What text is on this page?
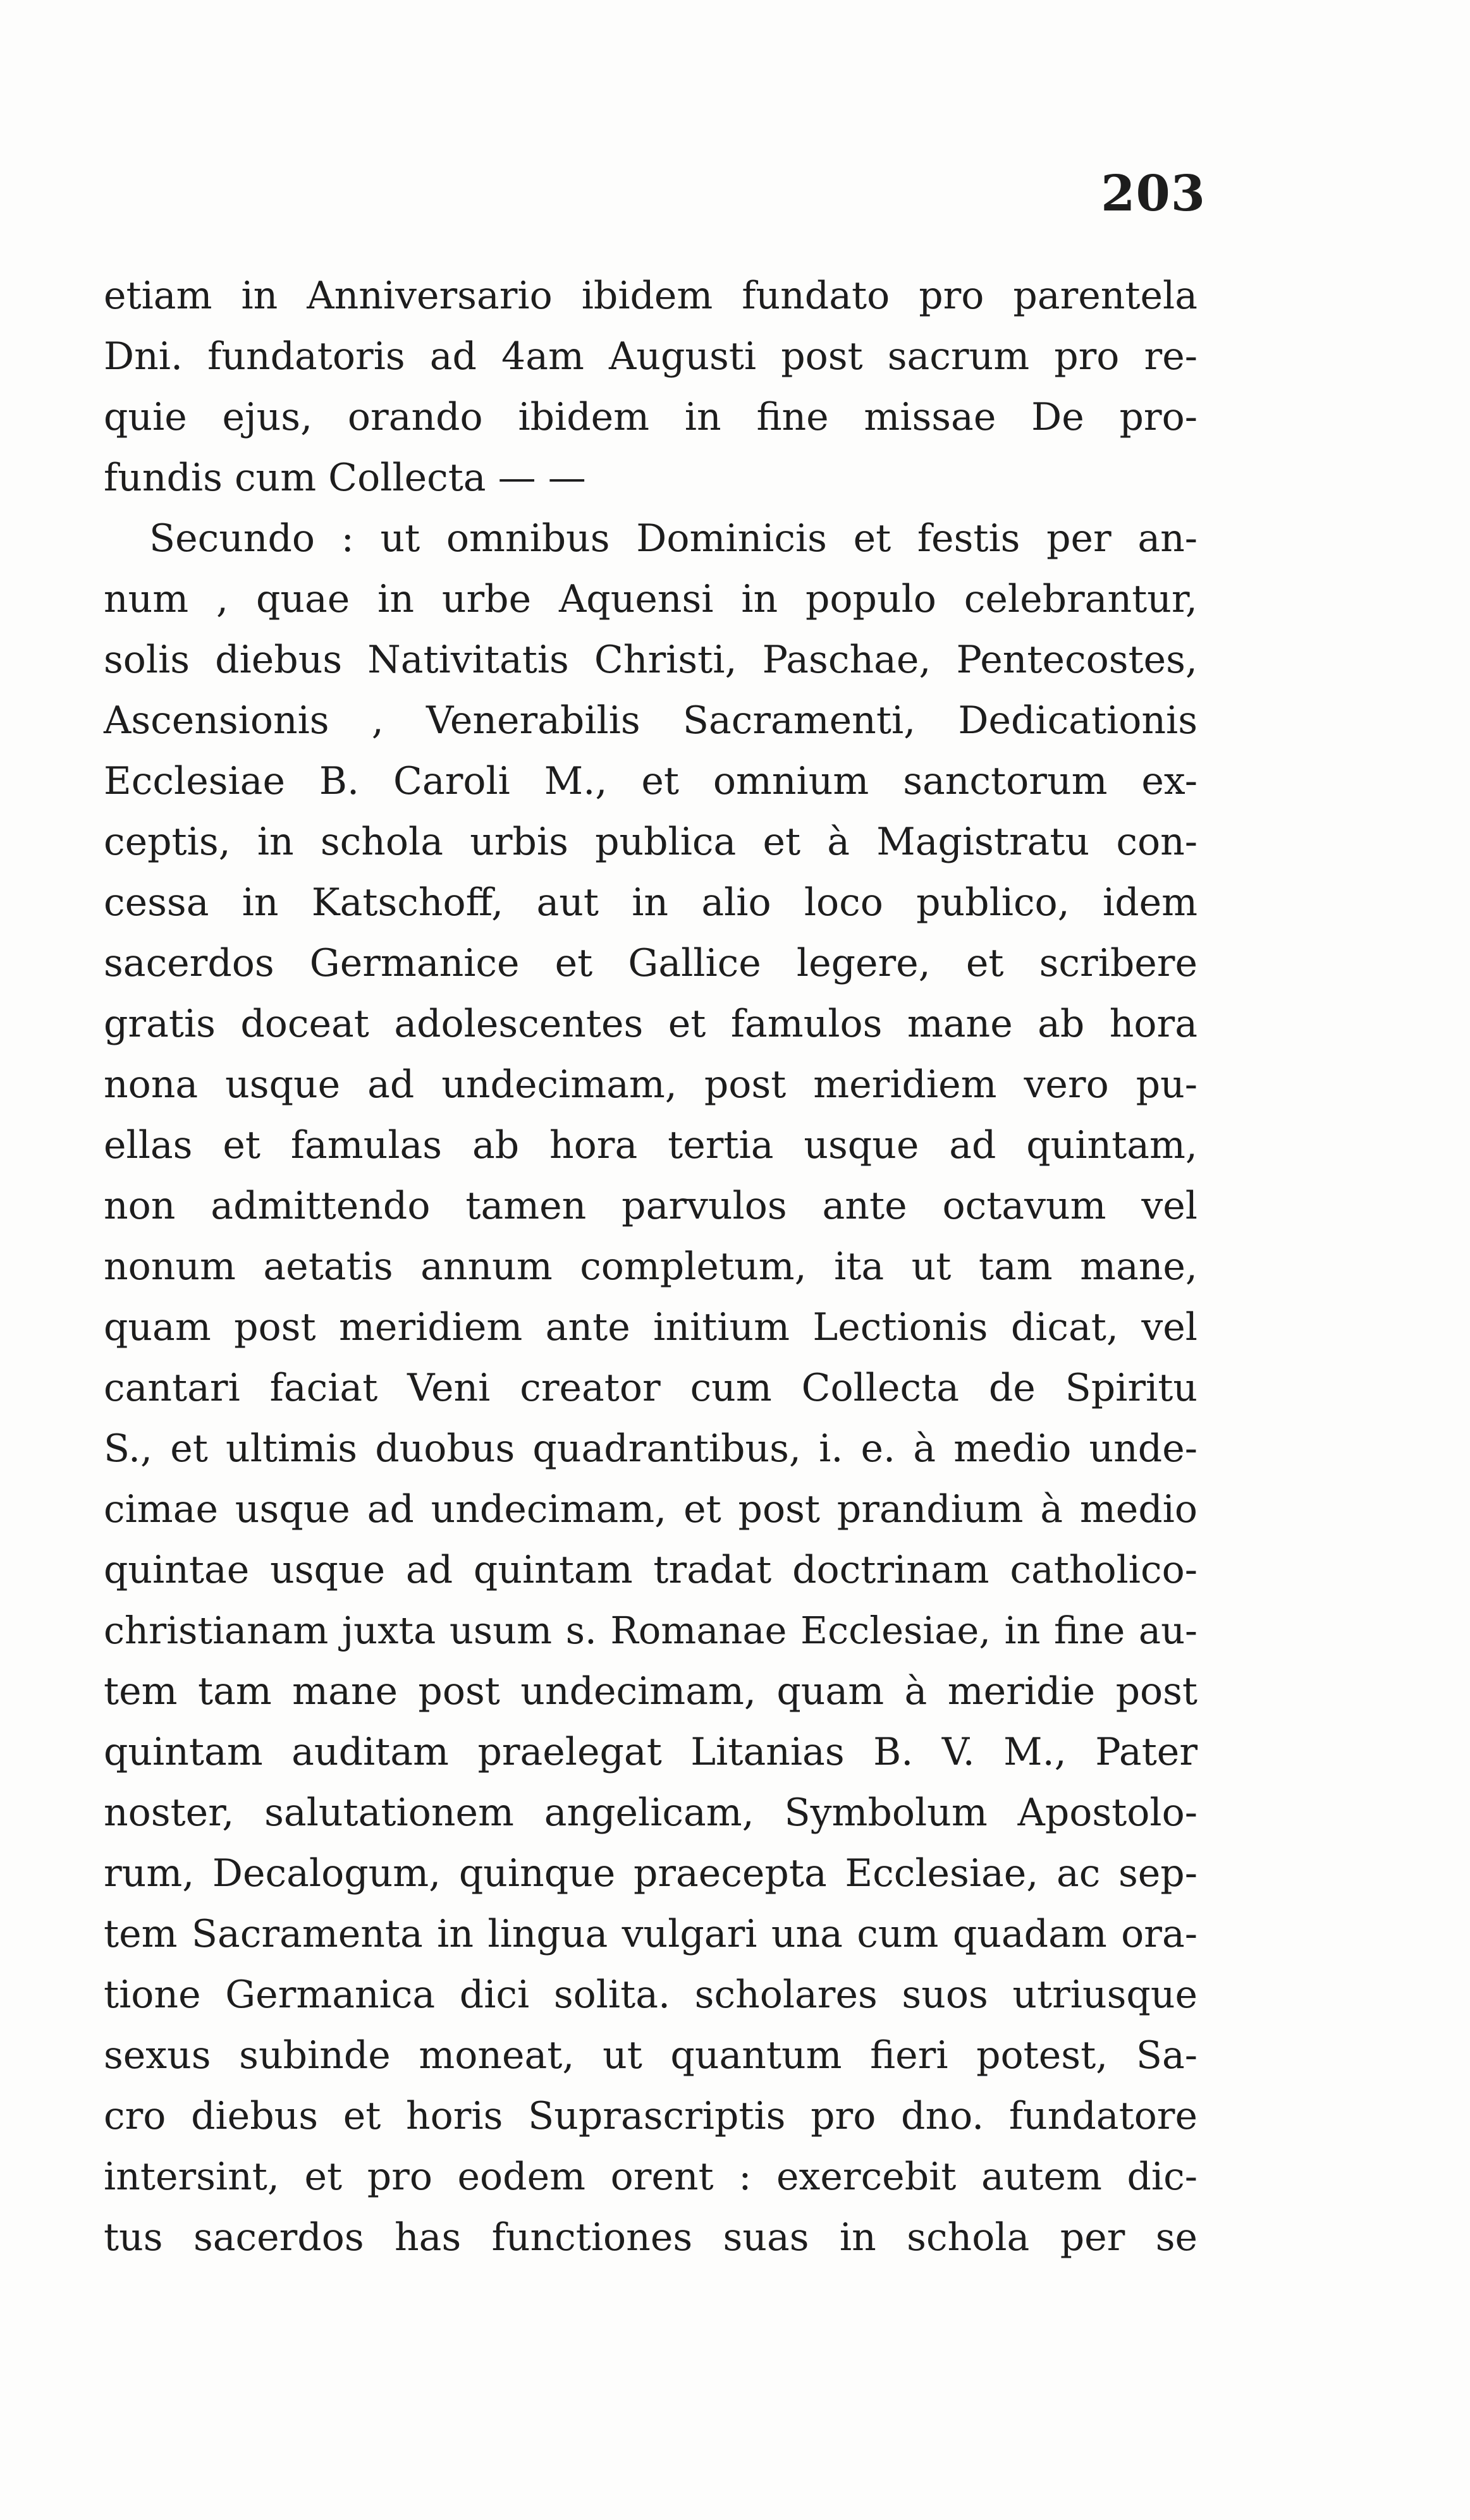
203
etiam in Anniversario ibidem fundato pro parentela
Dni. fundatoris ad 4am Augusti post sacrum pro re-
quie ejus, orando ibidem in fine missae De pro-
fundis cum Collecta — —
Secundo : ut omnibus Dominicis et festis per an-
num , quae in urbe Aquensi in populo celebrantur,
solis diebus Nativitatis Christi, Paschae, Pentecostes,
Ascensionis , Venerabilis Sacramenti, Dedicationis
Ecclesiae B. Caroli M., et omnium sanctorum ex-
ceptis, in schola urbis publica et à Magistratu con-
cessa in Katschoff, aut in alio loco publico, idem
sacerdos Germanice et Gallice legere, et scribere
gratis doceat adolescentes et famulos mane ab hora
nona usque ad undecimam, post meridiem vero pu-
ellas et famulas ab hora tertia usque ad quintam,
non admittendo tamen parvulos ante octavum vel
nonum aetatis annum completum, ita ut tam mane,
quam post meridiem ante initium Lectionis dicat, vel
cantari faciat Veni creator cum Collecta de Spiritu
S., et ultimis duobus quadrantibus, i. e. à medio unde-
cimae usque ad undecimam, et post prandium à medio
quintae usque ad quintam tradat doctrinam catholico-
christianam juxta usum s. Romanae Ecclesiae, in fine au-
tem tam mane post undecimam, quam à meridie post
quintam auditam praelegat Litanias B. V. M., Pater
noster, salutationem angelicam, Symbolum Apostolo-
rum, Decalogum, quinque praecepta Ecclesiae, ac sep-
tem Sacramenta in lingua vulgari una cum quadam ora-
tione Germanica dici solita. scholares suos utriusque
sexus subinde moneat, ut quantum fieri potest, Sa-
cro diebus et horis Suprascriptis pro dno. fundatore
intersint, et pro eodem orent : exercebit autem dic-
tus sacerdos has functiones suas in schola per se
